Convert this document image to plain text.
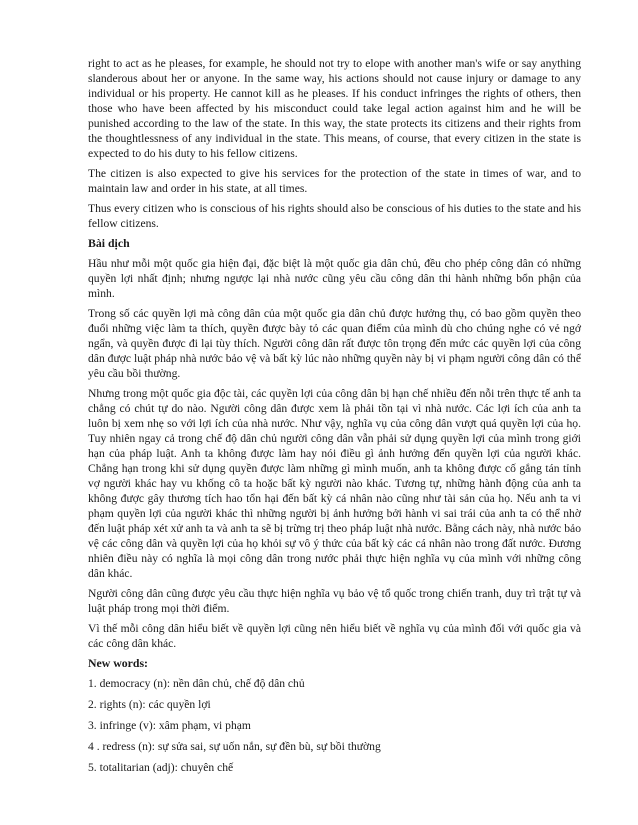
right to act as he pleases, for example, he should not try to elope with another man's wife or say anything slanderous about her or anyone. In the same way, his actions should not cause injury or damage to any individual or his property. He cannot kill as he pleases. If his conduct infringes the rights of others, then those who have been affected by his misconduct could take legal action against him and he will be punished according to the law of the state. In this way, the state protects its citizens and their rights from the thoughtlessness of any individual in the state. This means, of course, that every citizen in the state is expected to do his duty to his fellow citizens.

The citizen is also expected to give his services for the protection of the state in times of war, and to maintain law and order in his state, at all times.

Thus every citizen who is conscious of his rights should also be conscious of his duties to the state and his fellow citizens.

Bài dịch

Hầu như mỗi một quốc gia hiện đại, đặc biệt là một quốc gia dân chủ, đều cho phép công dân có những quyền lợi nhất định; nhưng ngược lại nhà nước cũng yêu cầu công dân thi hành những bổn phận của mình.

Trong số các quyền lợi mà công dân của một quốc gia dân chủ được hưởng thụ, có bao gồm quyền theo đuổi những việc làm ta thích, quyền được bày tỏ các quan điểm của mình dù cho chúng nghe có vẻ ngớ ngẩn, và quyền được đi lại tùy thích. Người công dân rất được tôn trọng đến mức các quyền lợi của công dân được luật pháp nhà nước bảo vệ và bất kỳ lúc nào những quyền này bị vi phạm người công dân có thể yêu cầu bồi thường.

Nhưng trong một quốc gia độc tài, các quyền lợi của công dân bị hạn chế nhiều đến nỗi trên thực tế anh ta chẳng có chút tự do nào. Người công dân được xem là phải tồn tại vì nhà nước. Các lợi ích của anh ta luôn bị xem nhẹ so với lợi ích của nhà nước. Như vậy, nghĩa vụ của công dân vượt quá quyền lợi của họ. Tuy nhiên ngay cả trong chế độ dân chủ người công dân vẫn phải sử dụng quyền lợi của mình trong giới hạn của pháp luật. Anh ta không được làm hay nói điều gì ảnh hưởng đến quyền lợi của người khác. Chẳng hạn trong khi sử dụng quyền được làm những gì mình muốn, anh ta không được cố gắng tán tỉnh vợ người khác hay vu khống cô ta hoặc bất kỳ người nào khác. Tương tự, những hành động của anh ta không được gây thương tích hao tổn hại đến bất kỳ cá nhân nào cũng như tài sản của họ. Nếu anh ta vi phạm quyền lợi của người khác thì những người bị ảnh hưởng bởi hành vi sai trái của anh ta có thể nhờ đến luật pháp xét xử anh ta và anh ta sẽ bị trừng trị theo pháp luật nhà nước. Bằng cách này, nhà nước bảo vệ các công dân và quyền lợi của họ khỏi sự vô ý thức của bất kỳ các cá nhân nào trong đất nước. Đương nhiên điều này có nghĩa là mọi công dân trong nước phải thực hiện nghĩa vụ của mình với những công dân khác.

Người công dân cũng được yêu cầu thực hiện nghĩa vụ bảo vệ tổ quốc trong chiến tranh, duy trì trật tự và luật pháp trong mọi thời điểm.

Vì thế mỗi công dân hiểu biết về quyền lợi cũng nên hiểu biết về nghĩa vụ của mình đối với quốc gia và các công dân khác.

New words:
1. democracy (n): nền dân chủ, chế độ dân chủ
2. rights (n): các quyền lợi
3. infringe (v): xâm phạm, vi phạm
4 . redress (n): sự sửa sai, sự uốn nắn, sự đền bù, sự bồi thường
5. totalitarian (adj): chuyên chế
